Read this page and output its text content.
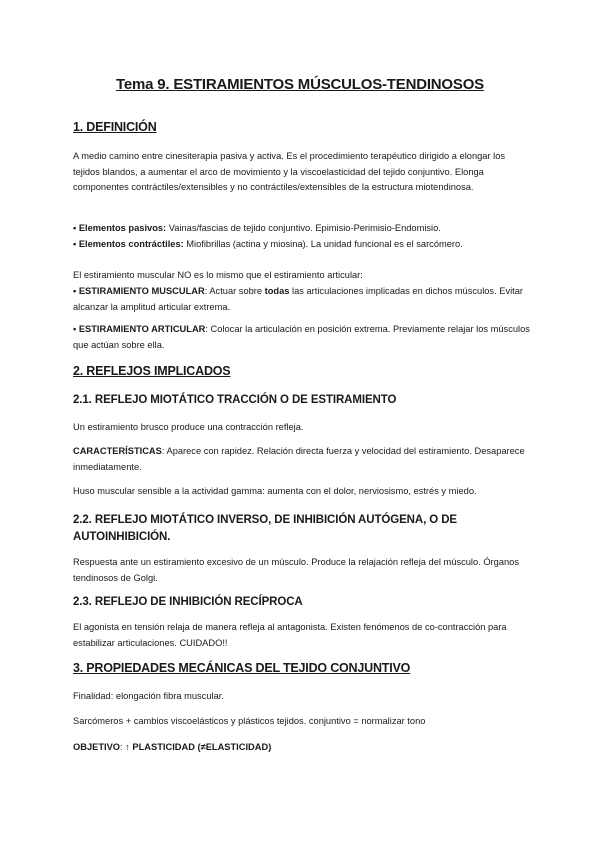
Tema 9. ESTIRAMIENTOS MÚSCULOS-TENDINOSOS
1. DEFINICIÓN

A medio camino entre cinesiterapia pasiva y activa. Es el procedimiento terapéutico dirigido a elongar los tejidos blandos, a aumentar el arco de movimiento y la viscoelasticidad del tejido conjuntivo. Elonga componentes contráctiles/extensibles y no contráctiles/extensibles de la estructura miotendinosa.

• Elementos pasivos: Vainas/fascias de tejido conjuntivo. Epimisio-Perimisio-Endomisio.

• Elementos contráctiles: Miofibrillas (actina y miosina). La unidad funcional es el sarcómero.

El estiramiento muscular NO es lo mismo que el estiramiento articular:

• ESTIRAMIENTO MUSCULAR: Actuar sobre todas las articulaciones implicadas en dichos músculos. Evitar alcanzar la amplitud articular extrema.

• ESTIRAMIENTO ARTICULAR: Colocar la articulación en posición extrema. Previamente relajar los músculos que actúan sobre ella.

2. REFLEJOS IMPLICADOS
2.1. REFLEJO MIOTÁTICO TRACCIÓN O DE ESTIRAMIENTO

Un estiramiento brusco produce una contracción refleja.

CARACTERÍSTICAS: Aparece con rapidez. Relación directa fuerza y velocidad del estiramiento. Desaparece inmediatamente.

Huso muscular sensible a la actividad gamma: aumenta con el dolor, nerviosismo, estrés y miedo.

2.2. REFLEJO MIOTÁTICO INVERSO, DE INHIBICIÓN AUTÓGENA, O DE AUTOINHIBICIÓN.

Respuesta ante un estiramiento excesivo de un músculo. Produce la relajación refleja del músculo. Órganos tendinosos de Golgi.

2.3. REFLEJO DE INHIBICIÓN RECÍPROCA

El agonista en tensión relaja de manera refleja al antagonista. Existen fenómenos de co-contracción para estabilizar articulaciones. CUIDADO!!

3. PROPIEDADES MECÁNICAS DEL TEJIDO CONJUNTIVO

Finalidad: elongación fibra muscular.

Sarcómeros + cambios viscoelásticos y plásticos tejidos. conjuntivo = normalizar tono

OBJETIVO: ↑ PLASTICIDAD (≠ELASTICIDAD)
